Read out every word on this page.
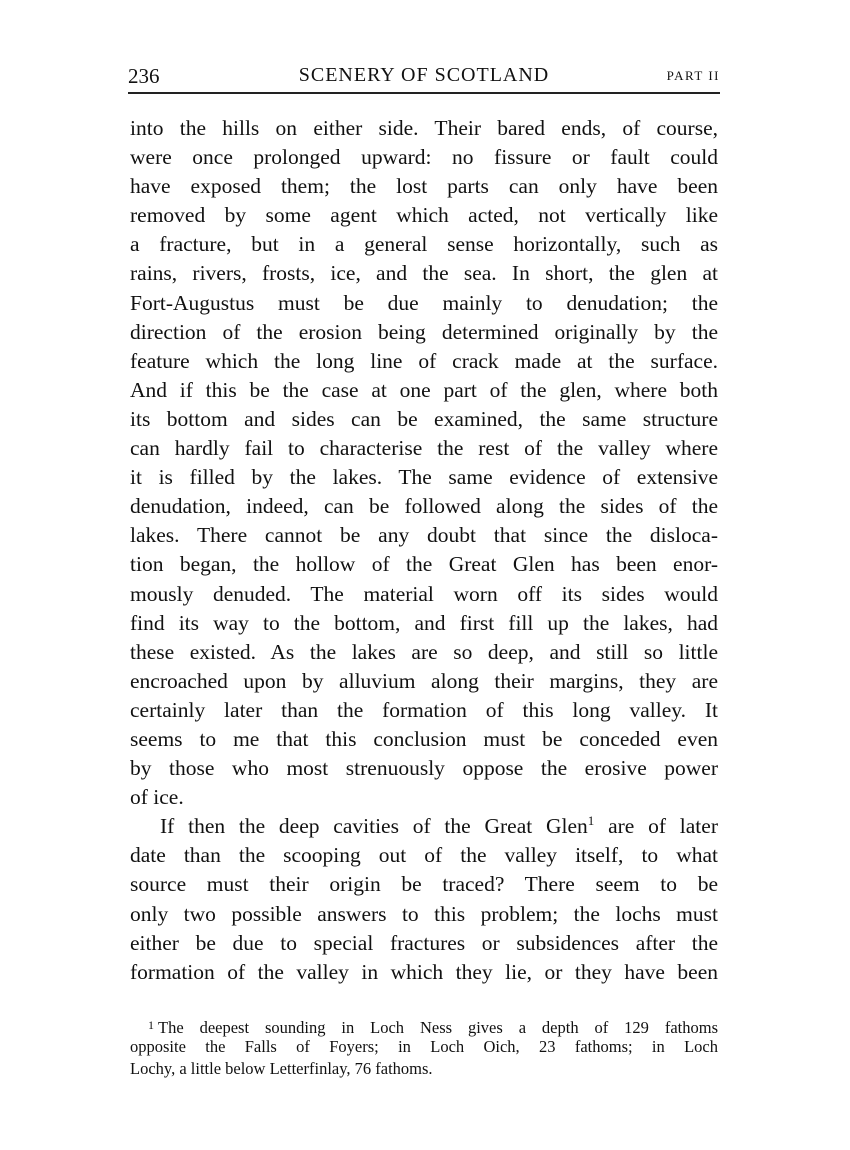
236	SCENERY OF SCOTLAND	PART II
into the hills on either side. Their bared ends, of course,
were once prolonged upward: no fissure or fault could
have exposed them; the lost parts can only have been
removed by some agent which acted, not vertically like
a fracture, but in a general sense horizontally, such as
rains, rivers, frosts, ice, and the sea. In short, the glen at
Fort-Augustus must be due mainly to denudation; the
direction of the erosion being determined originally by the
feature which the long line of crack made at the surface.
And if this be the case at one part of the glen, where both
its bottom and sides can be examined, the same structure
can hardly fail to characterise the rest of the valley where
it is filled by the lakes. The same evidence of extensive
denudation, indeed, can be followed along the sides of the
lakes. There cannot be any doubt that since the disloca-
tion began, the hollow of the Great Glen has been enor-
mously denuded. The material worn off its sides would
find its way to the bottom, and first fill up the lakes, had
these existed. As the lakes are so deep, and still so little
encroached upon by alluvium along their margins, they are
certainly later than the formation of this long valley. It
seems to me that this conclusion must be conceded even
by those who most strenuously oppose the erosive power
of ice.
If then the deep cavities of the Great Glen$^1$ are of later
date than the scooping out of the valley itself, to what
source must their origin be traced? There seem to be
only two possible answers to this problem; the lochs must
either be due to special fractures or subsidences after the
formation of the valley in which they lie, or they have been
$^1$ The deepest sounding in Loch Ness gives a depth of 129 fathoms
opposite the Falls of Foyers; in Loch Oich, 23 fathoms; in Loch
Lochy, a little below Letterfinlay, 76 fathoms.
